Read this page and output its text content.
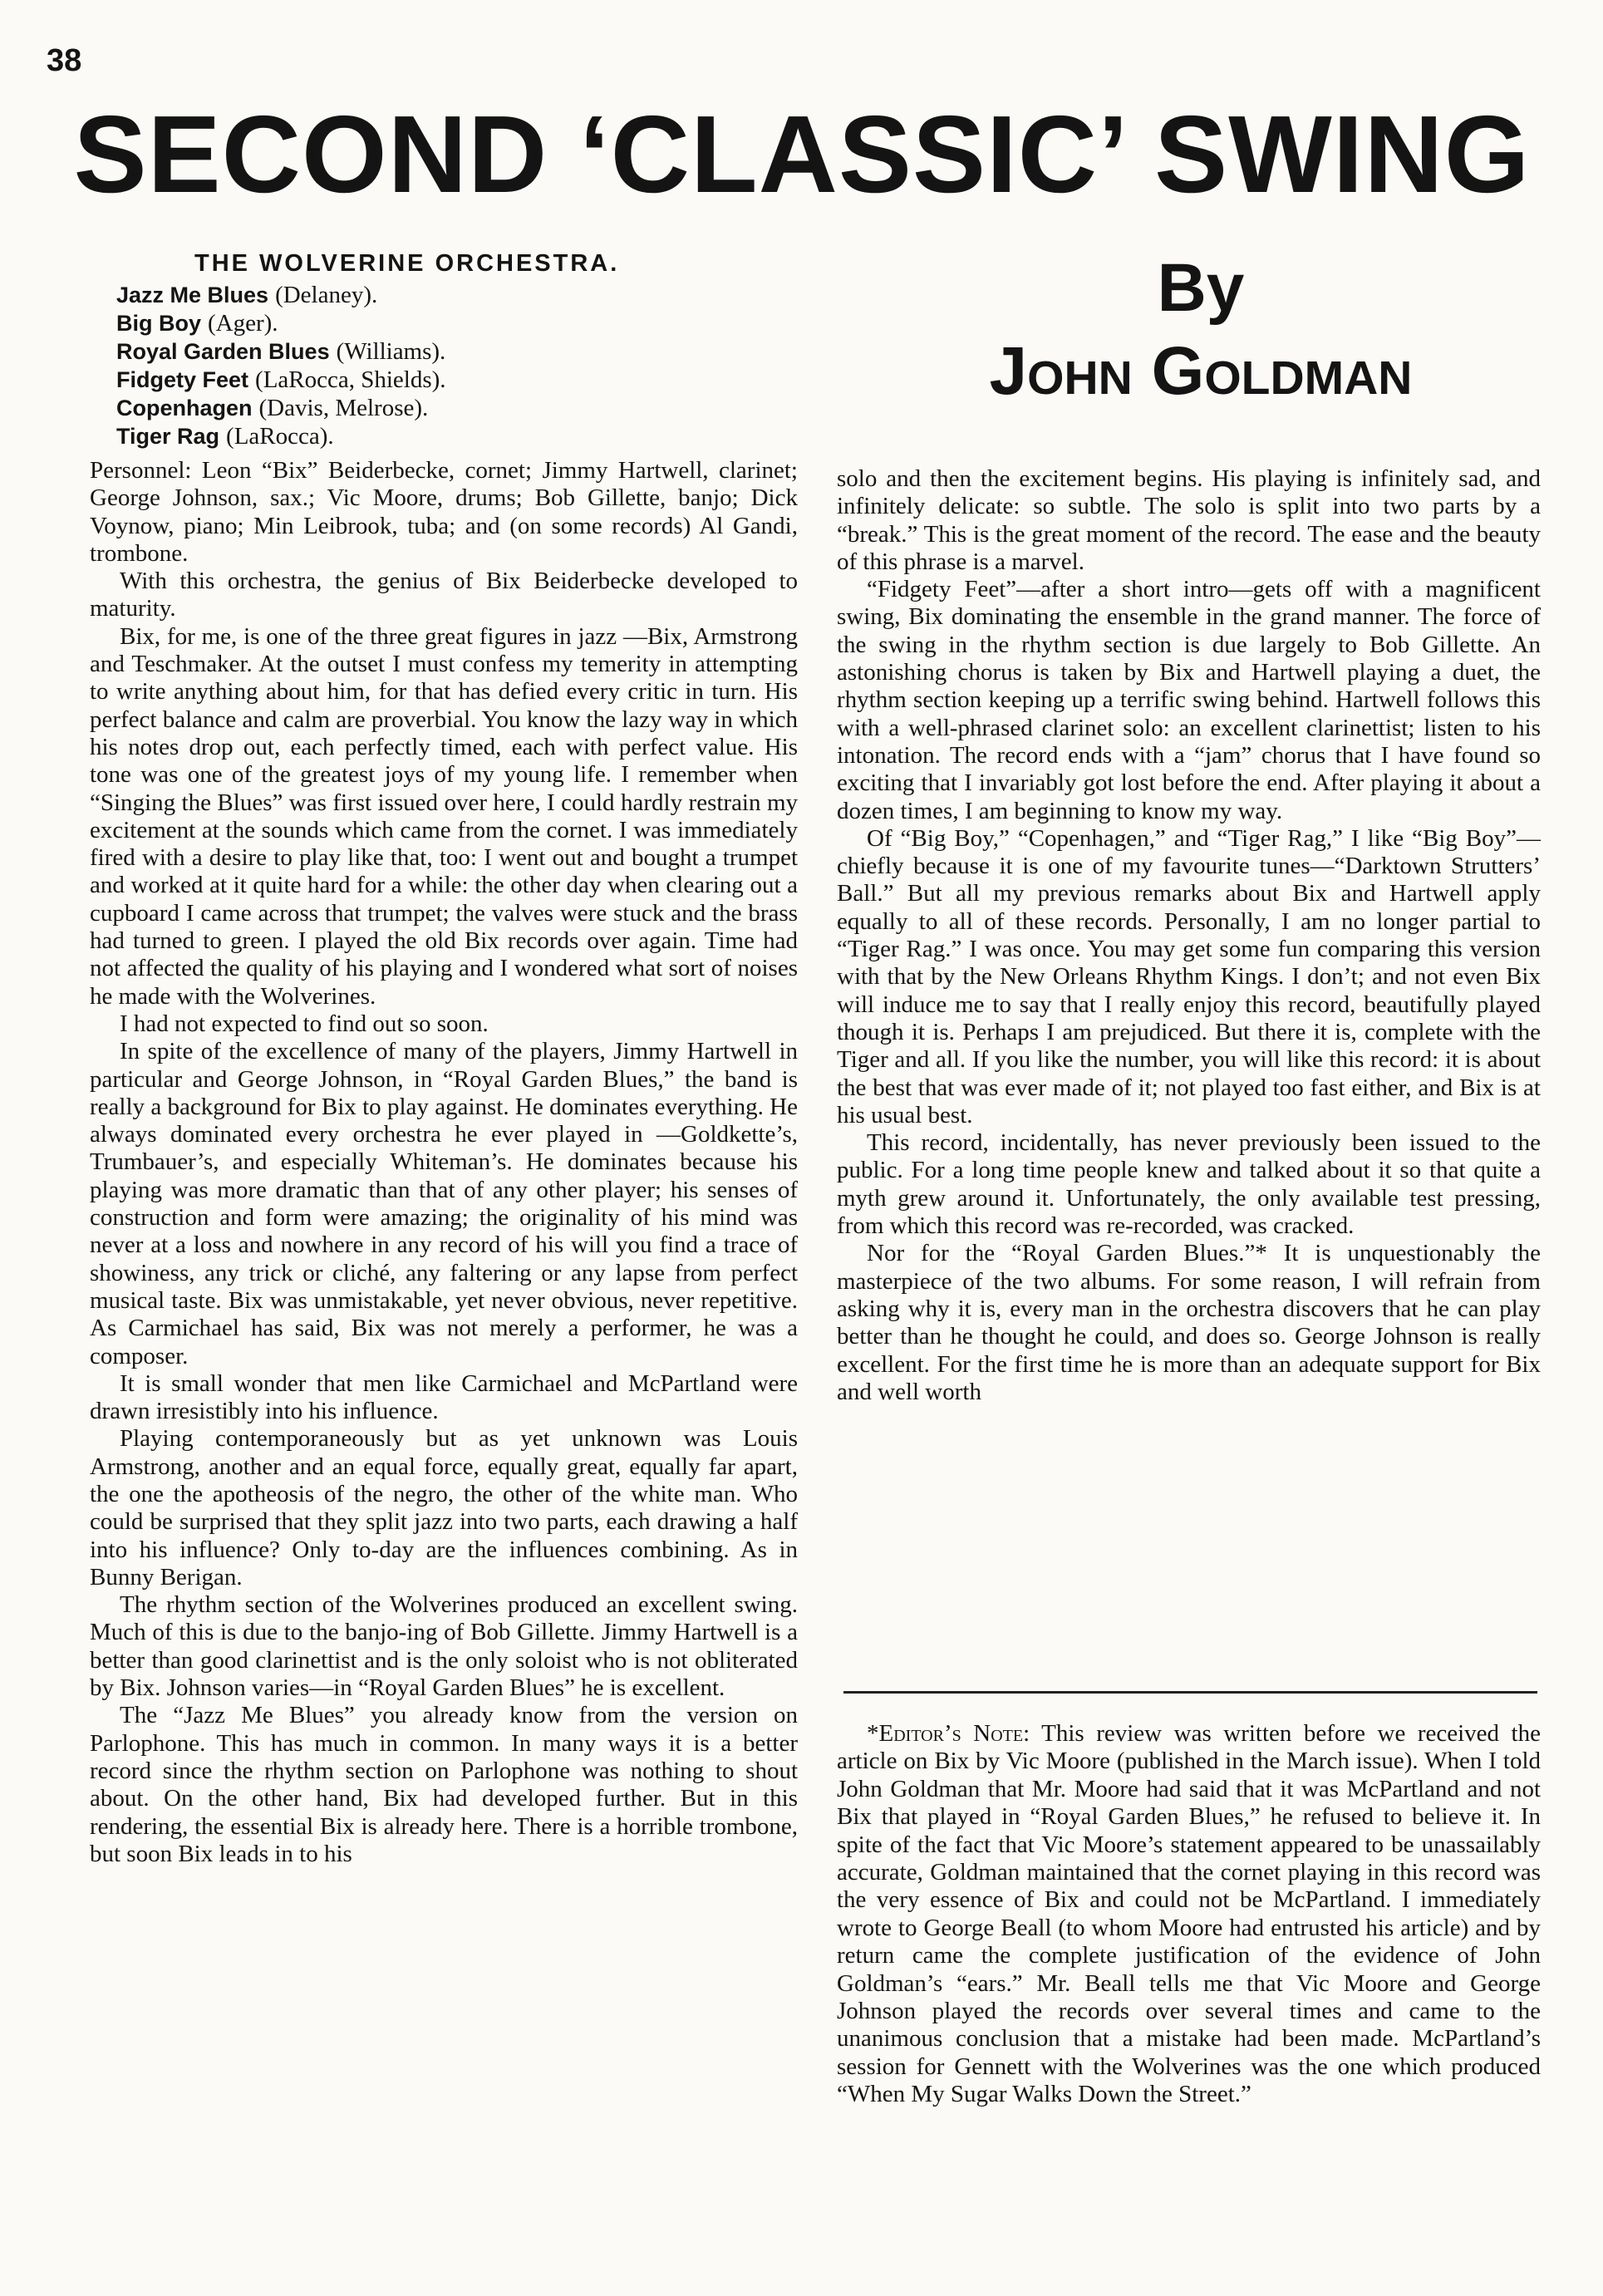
38
SECOND ‘CLASSIC’ SWING
By
John Goldman
THE WOLVERINE ORCHESTRA.
Jazz Me Blues (Delaney).
Big Boy (Ager).
Royal Garden Blues (Williams).
Fidgety Feet (LaRocca, Shields).
Copenhagen (Davis, Melrose).
Tiger Rag (LaRocca).

Personnel: Leon “Bix” Beiderbecke, cornet; Jimmy Hartwell, clarinet; George Johnson, sax.; Vic Moore, drums; Bob Gillette, banjo; Dick Voynow, piano; Min Leibrook, tuba; and (on some records) Al Gandi, trombone.

With this orchestra, the genius of Bix Beiderbecke developed to maturity.

Bix, for me, is one of the three great figures in jazz —Bix, Armstrong and Teschmaker. At the outset I must confess my temerity in attempting to write anything about him, for that has defied every critic in turn. His perfect balance and calm are proverbial. You know the lazy way in which his notes drop out, each perfectly timed, each with perfect value. His tone was one of the greatest joys of my young life. I remember when “Singing the Blues” was first issued over here, I could hardly restrain my excitement at the sounds which came from the cornet. I was immediately fired with a desire to play like that, too: I went out and bought a trumpet and worked at it quite hard for a while: the other day when clearing out a cupboard I came across that trumpet; the valves were stuck and the brass had turned to green. I played the old Bix records over again. Time had not affected the quality of his playing and I wondered what sort of noises he made with the Wolverines.

I had not expected to find out so soon.

In spite of the excellence of many of the players, Jimmy Hartwell in particular and George Johnson, in “Royal Garden Blues,” the band is really a background for Bix to play against. He dominates everything. He always dominated every orchestra he ever played in —Goldkette’s, Trumbauer’s, and especially Whiteman’s. He dominates because his playing was more dramatic than that of any other player; his senses of construction and form were amazing; the originality of his mind was never at a loss and nowhere in any record of his will you find a trace of showiness, any trick or cliché, any faltering or any lapse from perfect musical taste. Bix was unmistakable, yet never obvious, never repetitive. As Carmichael has said, Bix was not merely a performer, he was a composer.

It is small wonder that men like Carmichael and McPartland were drawn irresistibly into his influence.

Playing contemporaneously but as yet unknown was Louis Armstrong, another and an equal force, equally great, equally far apart, the one the apotheosis of the negro, the other of the white man. Who could be surprised that they split jazz into two parts, each drawing a half into his influence? Only to-day are the influences combining. As in Bunny Berigan.

The rhythm section of the Wolverines produced an excellent swing. Much of this is due to the banjo-ing of Bob Gillette. Jimmy Hartwell is a better than good clarinettist and is the only soloist who is not obliterated by Bix. Johnson varies—in “Royal Garden Blues” he is excellent.

The “Jazz Me Blues” you already know from the version on Parlophone. This has much in common. In many ways it is a better record since the rhythm section on Parlophone was nothing to shout about. On the other hand, Bix had developed further. But in this rendering, the essential Bix is already here. There is a horrible trombone, but soon Bix leads in to his

solo and then the excitement begins. His playing is infinitely sad, and infinitely delicate: so subtle. The solo is split into two parts by a “break.” This is the great moment of the record. The ease and the beauty of this phrase is a marvel.

“Fidgety Feet”—after a short intro—gets off with a magnificent swing, Bix dominating the ensemble in the grand manner. The force of the swing in the rhythm section is due largely to Bob Gillette. An astonishing chorus is taken by Bix and Hartwell playing a duet, the rhythm section keeping up a terrific swing behind. Hartwell follows this with a well-phrased clarinet solo: an excellent clarinettist; listen to his intonation. The record ends with a “jam” chorus that I have found so exciting that I invariably got lost before the end. After playing it about a dozen times, I am beginning to know my way.

Of “Big Boy,” “Copenhagen,” and “Tiger Rag,” I like “Big Boy”—chiefly because it is one of my favourite tunes—“Darktown Strutters’ Ball.” But all my previous remarks about Bix and Hartwell apply equally to all of these records. Personally, I am no longer partial to “Tiger Rag.” I was once. You may get some fun comparing this version with that by the New Orleans Rhythm Kings. I don’t; and not even Bix will induce me to say that I really enjoy this record, beautifully played though it is. Perhaps I am prejudiced. But there it is, complete with the Tiger and all. If you like the number, you will like this record: it is about the best that was ever made of it; not played too fast either, and Bix is at his usual best.

This record, incidentally, has never previously been issued to the public. For a long time people knew and talked about it so that quite a myth grew around it. Unfortunately, the only available test pressing, from which this record was re-recorded, was cracked.

Nor for the “Royal Garden Blues.”* It is unquestionably the masterpiece of the two albums. For some reason, I will refrain from asking why it is, every man in the orchestra discovers that he can play better than he thought he could, and does so. George Johnson is really excellent. For the first time he is more than an adequate support for Bix and well worth

*Editor’s Note: This review was written before we received the article on Bix by Vic Moore (published in the March issue). When I told John Goldman that Mr. Moore had said that it was McPartland and not Bix that played in “Royal Garden Blues,” he refused to believe it. In spite of the fact that Vic Moore’s statement appeared to be unassailably accurate, Goldman maintained that the cornet playing in this record was the very essence of Bix and could not be McPartland. I immediately wrote to George Beall (to whom Moore had entrusted his article) and by return came the complete justification of the evidence of John Goldman’s “ears.” Mr. Beall tells me that Vic Moore and George Johnson played the records over several times and came to the unanimous conclusion that a mistake had been made. McPartland’s session for Gennett with the Wolverines was the one which produced “When My Sugar Walks Down the Street.”
